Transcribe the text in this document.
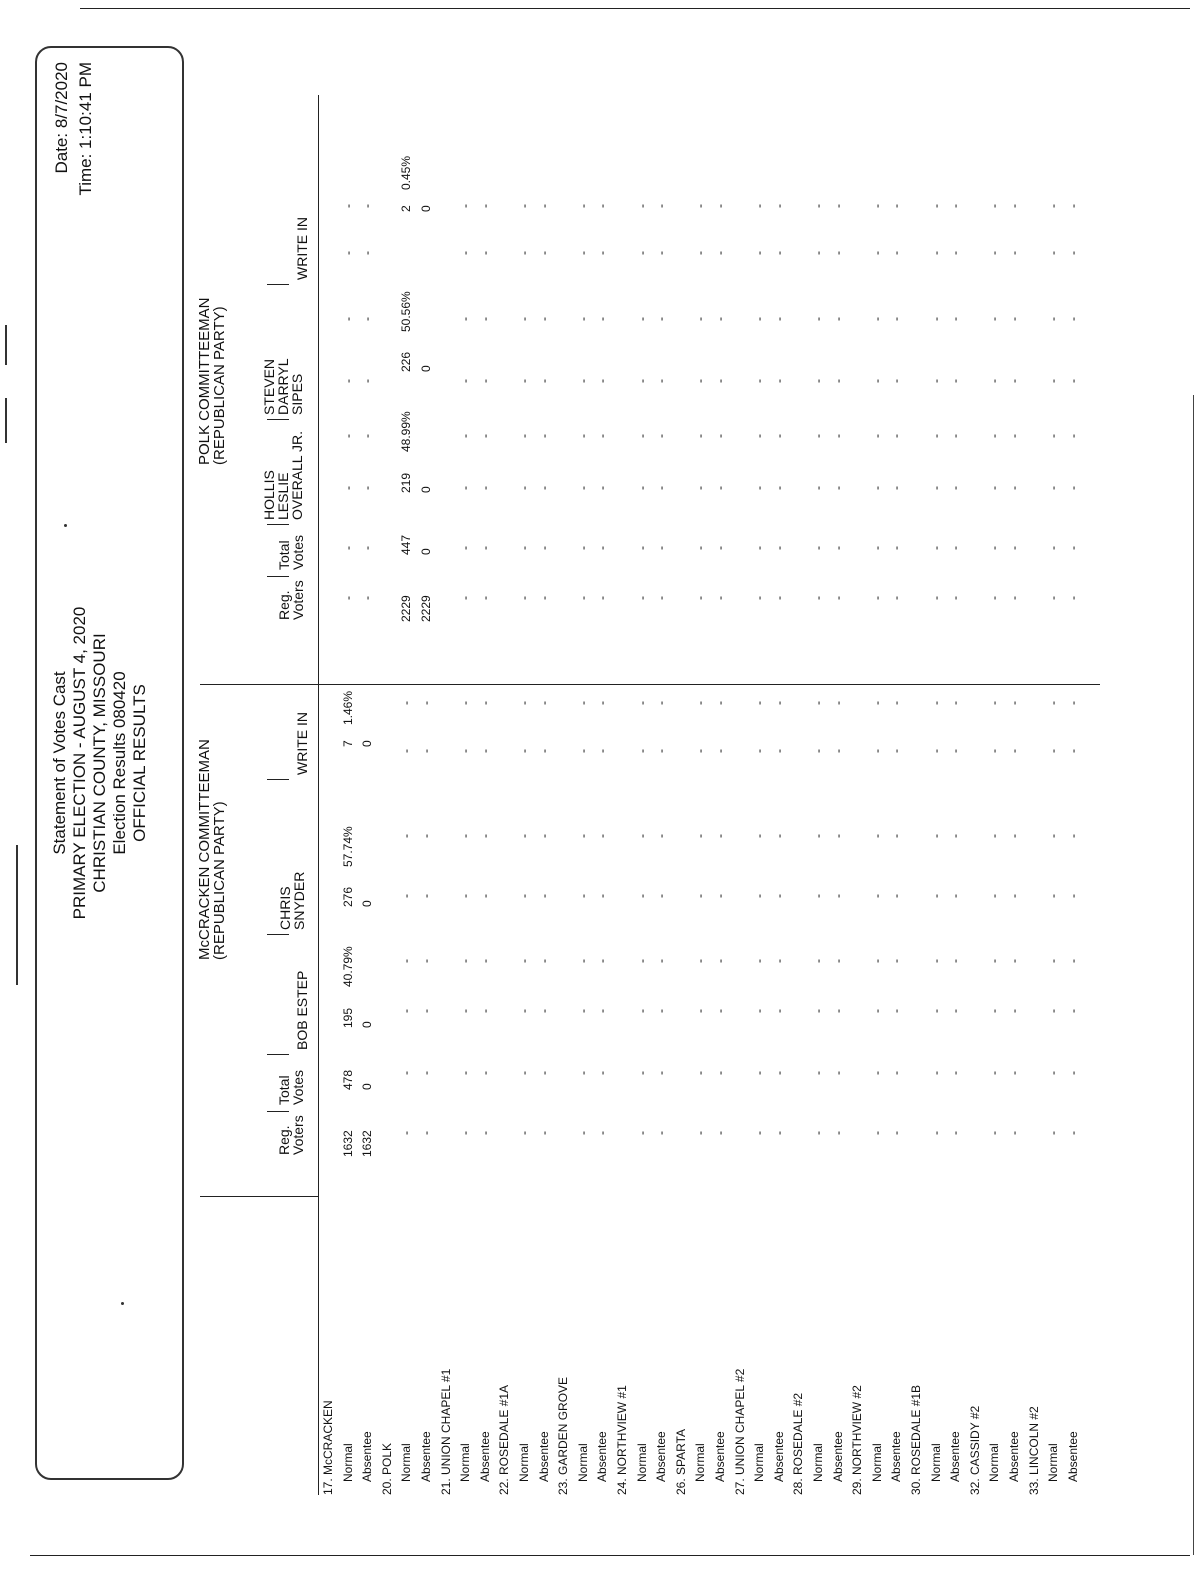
Statement of Votes Cast PRIMARY ELECTION - AUGUST 4, 2020 CHRISTIAN COUNTY, MISSOURI Election Results 080420 OFFICIAL RESULTS
Date: 8/7/2020 Time: 1:10:41 PM
McCRACKEN COMMITTEEMAN
(REPUBLICAN PARTY)
POLK COMMITTEEMAN
(REPUBLICAN PARTY)
Reg.
Voters
Total
Votes
BOB ESTEP
CHRIS
SNYDER
WRITE IN
Reg.
Voters
Total
Votes
HOLLIS
LESLIE
OVERALL JR.
STEVEN
DARRYL
SIPES
WRITE IN
17. McCRACKEN Normal Absentee 20. POLK Normal Absentee 21. UNION CHAPEL #1 Normal Absentee 22. ROSEDALE #1A Normal Absentee 23. GARDEN GROVE Normal Absentee 24. NORTHVIEW #1 Normal Absentee 26. SPARTA Normal Absentee 27. UNION CHAPEL #2 Normal Absentee 28. ROSEDALE #2 Normal Absentee 29. NORTHVIEW #2 Normal Absentee 30. ROSEDALE #1B Normal Absentee 32. CASSIDY #2 Normal Absentee 33. LINCOLN #2 Normal Absentee
1632
478
195
276
7
40.79%
57.74%
1.46%
1632
0
0
0
0
2229
447
219
226
2
48.99%
50.56%
0.45%
2229
0
0
0
0
-
-
-
-
-
-
-
-
-
-
-
-
-
-
-
-
-
-
-
-
-
-
-
-
-
-
-
-
-
-
-
-
-
-
-
-
-
-
-
-
-
-
-
-
-
-
-
-
-
-
-
-
-
-
-
-
-
-
-
-
-
-
-
-
-
-
-
-
-
-
-
-
-
-
-
-
-
-
-
-
-
-
-
-
-
-
-
-
-
-
-
-
-
-
-
-
-
-
-
-
-
-
-
-
-
-
-
-
-
-
-
-
-
-
-
-
-
-
-
-
-
-
-
-
-
-
-
-
-
-
-
-
-
-
-
-
-
-
-
-
-
-
-
-
-
-
-
-
-
-
-
-
-
-
-
-
-
-
-
-
-
-
-
-
-
-
-
-
-
-
-
-
-
-
-
-
-
-
-
-
-
-
-
-
-
-
-
-
-
-
-
-
-
-
-
-
-
-
-
-
-
-
-
-
-
-
-
-
-
-
-
-
-
-
-
-
-
-
-
-
-
-
-
-
-
-
-
-
-
-
-
-
-
-
-
-
-
-
-
-
-
-
-
-
-
-
-
-
-
-
-
-
-
-
-
-
-
-
-
-
-
-
-
-
-
-
-
-
-
-
-
-
-
-
-
-
-
-
-
-
-
-
-
-
-
-
-
-
-
-
-
-
-
-
-
-
-
-
-
-
-
-
-
-
-
-
-
-
-
-
-
-
-
-
-
-
-
-
-
-
-
-
-
-
-
-
-
-
-
-
-
-
-
-
-
-
-
-
-
-
-
-
-
-
-
-
-
-
-
-
-
-
-
-
-
-
-
-
-
-
-
-
-
-
-
-
-
-
-
-
-
-
-
-
-
-
-
-
-
-
-
-
-
-
